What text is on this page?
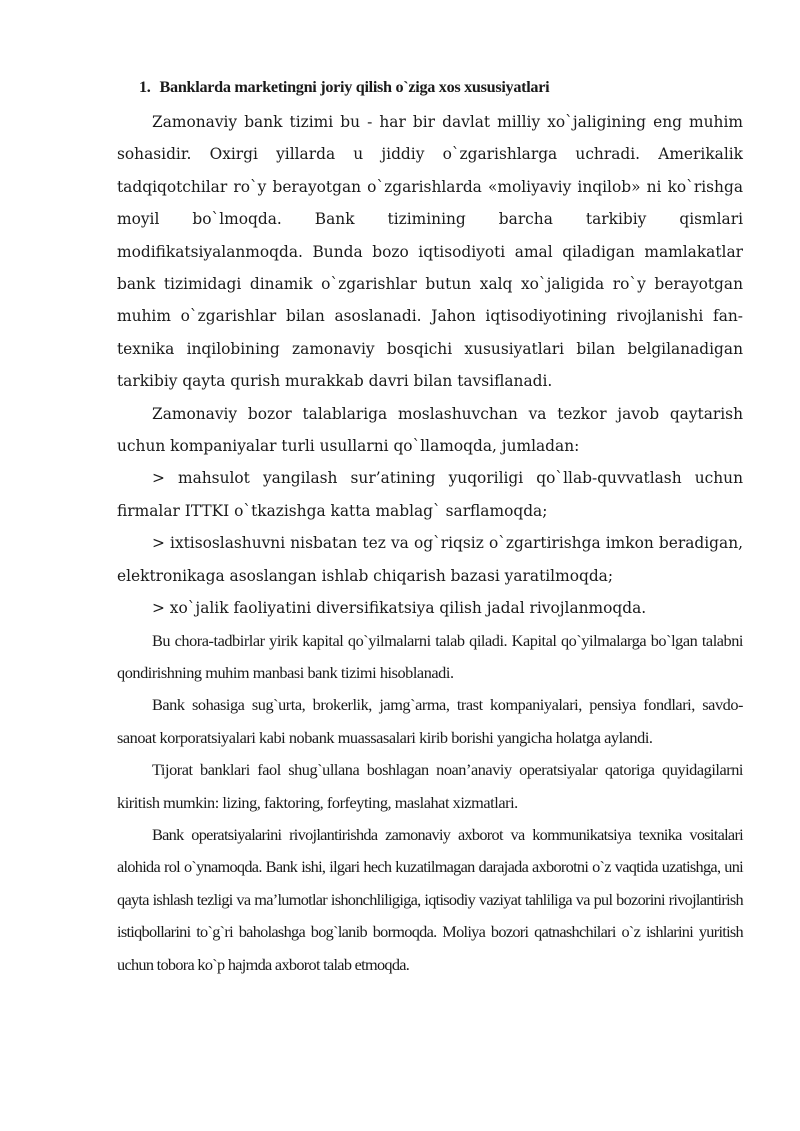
1. Banklarda marketingni joriy qilish o`ziga xos xususiyatlari

Zamonaviy bank tizimi bu - har bir davlat milliy xo`jaligining eng muhim sohasidir. Oxirgi yillarda u jiddiy o`zgarishlarga uchradi. Amerikalik tadqiqotchilar ro`y berayotgan o`zgarishlarda «moliyaviy inqilob» ni ko`rishga moyil bo`lmoqda. Bank tizimining barcha tarkibiy qismlari modifikatsiyalanmoqda. Bunda bozo iqtisodiyoti amal qiladigan mamlakatlar bank tizimidagi dinamik o`zgarishlar butun xalq xo`jaligida ro`y berayotgan muhim o`zgarishlar bilan asoslanadi. Jahon iqtisodiyotining rivojlanishi fan-texnika inqilobining zamonaviy bosqichi xususiyatlari bilan belgilanadigan tarkibiy qayta qurish murakkab davri bilan tavsiflanadi.

Zamonaviy bozor talablariga moslashuvchan va tezkor javob qaytarish uchun kompaniyalar turli usullarni qo`llamoqda, jumladan:

> mahsulot yangilash sur’atining yuqoriligi qo`llab-quvvatlash uchun firmalar ITTKI o`tkazishga katta mablag` sarflamoqda;

> ixtisoslashuvni nisbatan tez va og`riqsiz o`zgartirishga imkon beradigan, elektronikaga asoslangan ishlab chiqarish bazasi yaratilmoqda;

> xo`jalik faoliyatini diversifikatsiya qilish jadal rivojlanmoqda.

Bu chora-tadbirlar yirik kapital qo`yilmalarni talab qiladi. Kapital qo`yilmalarga bo`lgan talabni qondirishning muhim manbasi bank tizimi hisoblanadi.

Bank sohasiga sug`urta, brokerlik, jamg`arma, trast kompaniyalari, pensiya fondlari, savdo-sanoat korporatsiyalari kabi nobank muassasalari kirib borishi yangicha holatga aylandi.

Tijorat banklari faol shug`ullana boshlagan noan’anaviy operatsiyalar qatoriga quyidagilarni kiritish mumkin: lizing, faktoring, forfeyting, maslahat xizmatlari.

Bank operatsiyalarini rivojlantirishda zamonaviy axborot va kommunikatsiya texnika vositalari alohida rol o`ynamoqda. Bank ishi, ilgari hech kuzatilmagan darajada axborotni o`z vaqtida uzatishga, uni qayta ishlash tezligi va ma’lumotlar ishonchliligiga, iqtisodiy vaziyat tahliliga va pul bozorini rivojlantirish istiqbollarini to`g`ri baholashga bog`lanib bormoqda. Moliya bozori qatnashchilari o`z ishlarini yuritish uchun tobora ko`p hajmda axborot talab etmoqda.
